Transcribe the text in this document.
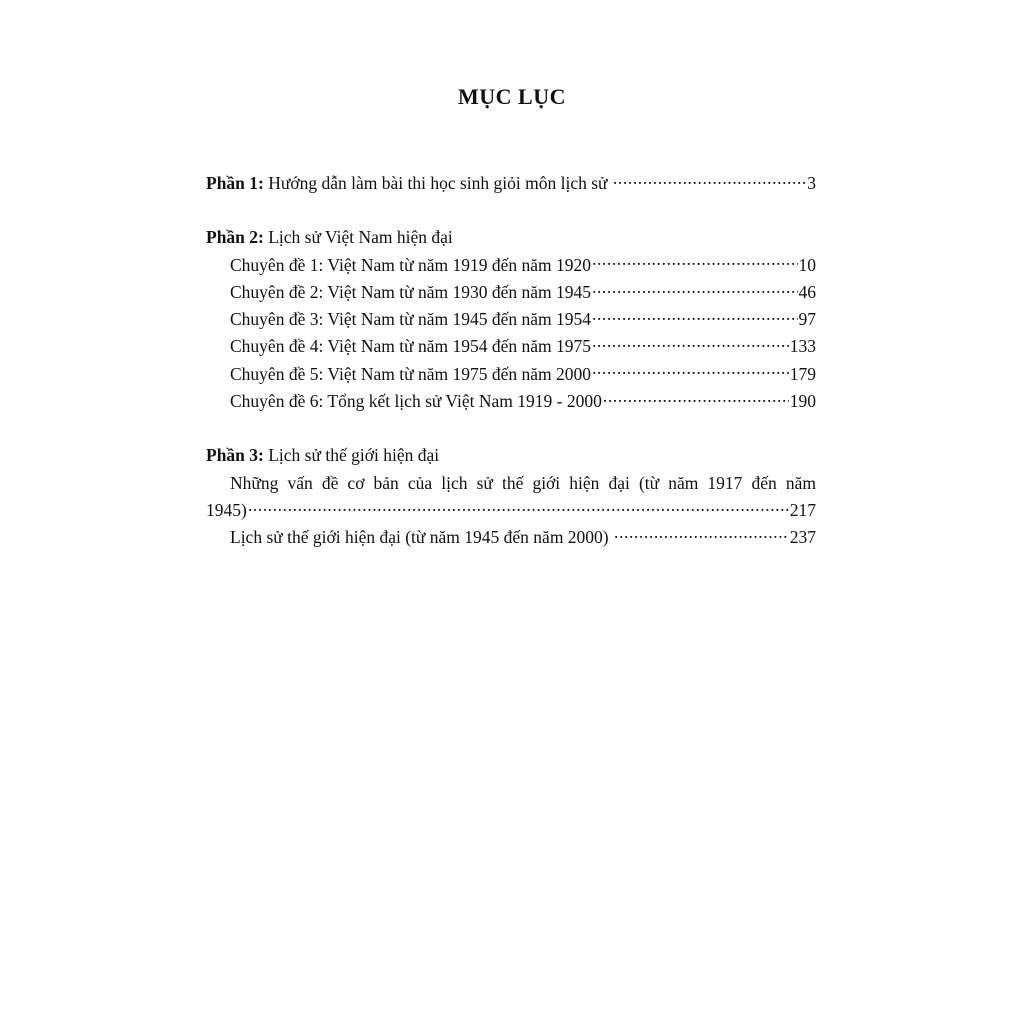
MỤC LỤC
Phần 1: Hướng dẫn làm bài thi học sinh giỏi môn lịch sử .....	3
Phần 2: Lịch sử Việt Nam hiện đại
Chuyên đề 1: Việt Nam từ năm 1919 đến năm 1920 .....	10
Chuyên đề 2: Việt Nam từ năm 1930 đến năm 1945 .....	46
Chuyên đề 3: Việt Nam từ năm 1945 đến năm 1954 .....	97
Chuyên đề 4: Việt Nam từ năm 1954 đến năm 1975 .....	133
Chuyên đề 5: Việt Nam từ năm 1975 đến năm 2000 .....	179
Chuyên đề 6: Tổng kết lịch sử Việt Nam 1919 - 2000 .....	190
Phần 3: Lịch sử thế giới hiện đại
Những vấn đề cơ bản của lịch sử thế giới hiện đại (từ năm 1917 đến năm
1945) .....	217
Lịch sử thế giới hiện đại (từ năm 1945 đến năm 2000) .....	237
